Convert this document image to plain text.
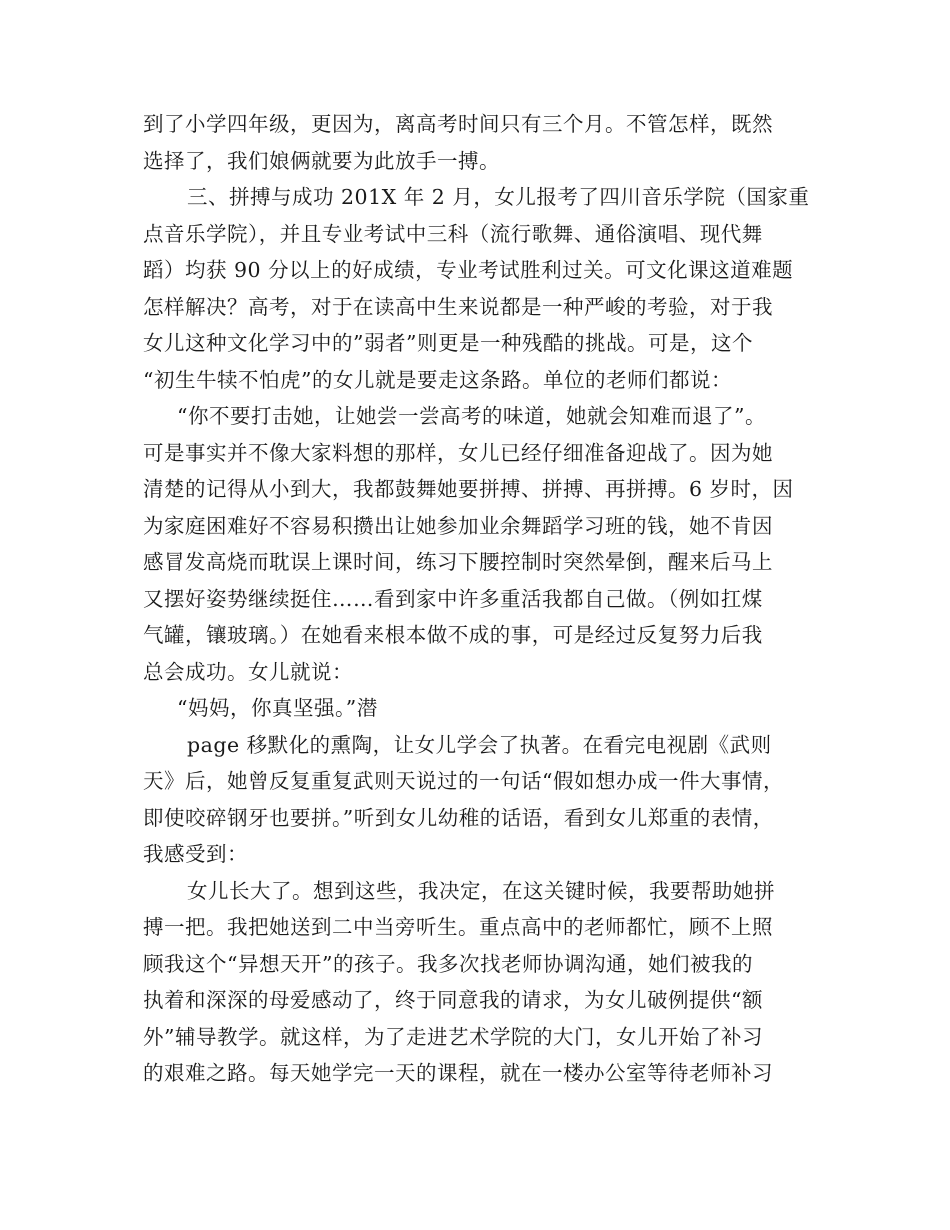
到了小学四年级，更因为，离高考时间只有三个月。不管怎样，既然
选择了，我们娘俩就要为此放手一搏。
三、拼搏与成功 201X 年 2 月，女儿报考了四川音乐学院（国家重
点音乐学院），并且专业考试中三科（流行歌舞、通俗演唱、现代舞
蹈）均获 90 分以上的好成绩，专业考试胜利过关。可文化课这道难题
怎样解决？高考，对于在读高中生来说都是一种严峻的考验，对于我
女儿这种文化学习中的”弱者”则更是一种残酷的挑战。可是，这个
“初生牛犊不怕虎”的女儿就是要走这条路。单位的老师们都说：
“你不要打击她，让她尝一尝高考的味道，她就会知难而退了”。
可是事实并不像大家料想的那样，女儿已经仔细准备迎战了。因为她
清楚的记得从小到大，我都鼓舞她要拼搏、拼搏、再拼搏。6 岁时，因
为家庭困难好不容易积攒出让她参加业余舞蹈学习班的钱，她不肯因
感冒发高烧而耽误上课时间，练习下腰控制时突然晕倒，醒来后马上
又摆好姿势继续挺住……看到家中许多重活我都自己做。（例如扛煤
气罐，镶玻璃。）在她看来根本做不成的事，可是经过反复努力后我
总会成功。女儿就说：
“妈妈，你真坚强。”潜
page 移默化的熏陶，让女儿学会了执著。在看完电视剧《武则
天》后，她曾反复重复武则天说过的一句话“假如想办成一件大事情，
即使咬碎钢牙也要拼。”听到女儿幼稚的话语，看到女儿郑重的表情，
我感受到：
女儿长大了。想到这些，我决定，在这关键时候，我要帮助她拼
搏一把。我把她送到二中当旁听生。重点高中的老师都忙，顾不上照
顾我这个“异想天开”的孩子。我多次找老师协调沟通，她们被我的
执着和深深的母爱感动了，终于同意我的请求，为女儿破例提供“额
外”辅导教学。就这样，为了走进艺术学院的大门，女儿开始了补习
的艰难之路。每天她学完一天的课程，就在一楼办公室等待老师补习
